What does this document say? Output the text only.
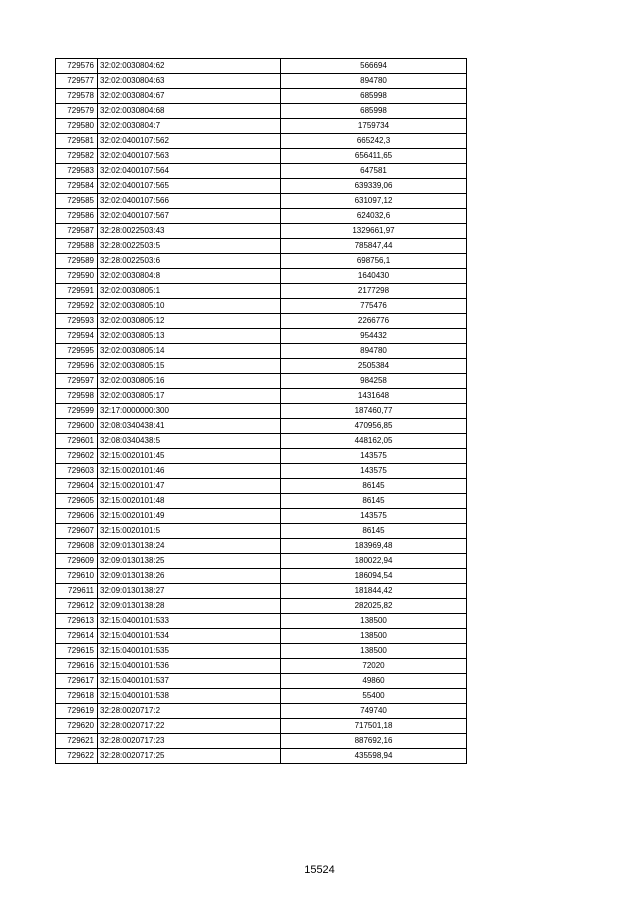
729576	32:02:0030804:62	566694
729577	32:02:0030804:63	894780
729578	32:02:0030804:67	685998
729579	32:02:0030804:68	685998
729580	32:02:0030804:7	1759734
729581	32:02:0400107:562	665242,3
729582	32:02:0400107:563	656411,65
729583	32:02:0400107:564	647581
729584	32:02:0400107:565	639339,06
729585	32:02:0400107:566	631097,12
729586	32:02:0400107:567	624032,6
729587	32:28:0022503:43	1329661,97
729588	32:28:0022503:5	785847,44
729589	32:28:0022503:6	698756,1
729590	32:02:0030804:8	1640430
729591	32:02:0030805:1	2177298
729592	32:02:0030805:10	775476
729593	32:02:0030805:12	2266776
729594	32:02:0030805:13	954432
729595	32:02:0030805:14	894780
729596	32:02:0030805:15	2505384
729597	32:02:0030805:16	984258
729598	32:02:0030805:17	1431648
729599	32:17:0000000:300	187460,77
729600	32:08:0340438:41	470956,85
729601	32:08:0340438:5	448162,05
729602	32:15:0020101:45	143575
729603	32:15:0020101:46	143575
729604	32:15:0020101:47	86145
729605	32:15:0020101:48	86145
729606	32:15:0020101:49	143575
729607	32:15:0020101:5	86145
729608	32:09:0130138:24	183969,48
729609	32:09:0130138:25	180022,94
729610	32:09:0130138:26	186094,54
729611	32:09:0130138:27	181844,42
729612	32:09:0130138:28	282025,82
729613	32:15:0400101:533	138500
729614	32:15:0400101:534	138500
729615	32:15:0400101:535	138500
729616	32:15:0400101:536	72020
729617	32:15:0400101:537	49860
729618	32:15:0400101:538	55400
729619	32:28:0020717:2	749740
729620	32:28:0020717:22	717501,18
729621	32:28:0020717:23	887692,16
729622	32:28:0020717:25	435598,94
15524
